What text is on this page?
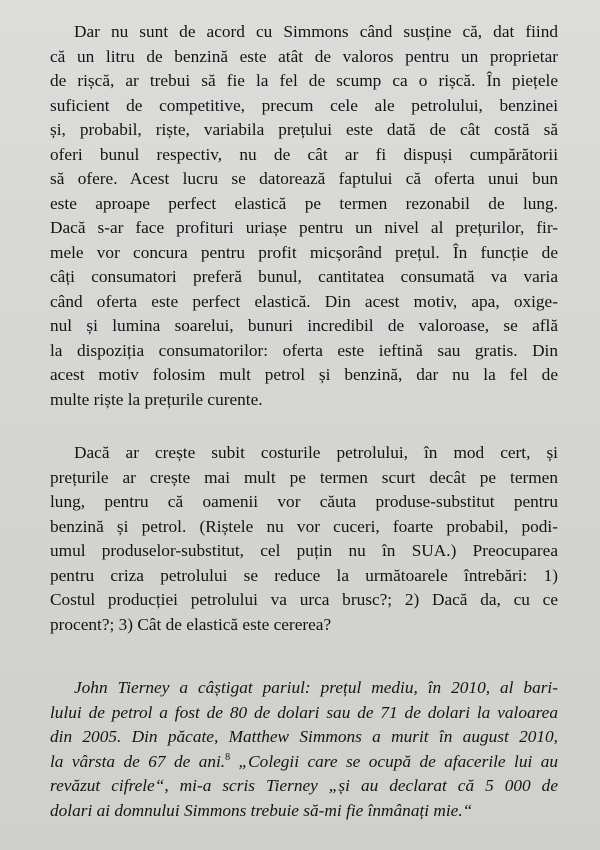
Dar nu sunt de acord cu Simmons când susține că, dat fiind
că un litru de benzină este atât de valoros pentru un proprietar
de rișcă, ar trebui să fie la fel de scump ca o rișcă. În piețele
suficient de competitive, precum cele ale petrolului, benzinei
și, probabil, riște, variabila prețului este dată de cât costă să
oferi bunul respectiv, nu de cât ar fi dispuși cumpărătorii
să ofere. Acest lucru se datorează faptului că oferta unui bun
este aproape perfect elastică pe termen rezonabil de lung.
Dacă s-ar face profituri uriașe pentru un nivel al prețurilor, fir-
mele vor concura pentru profit micșorând prețul. În funcție de
câți consumatori preferă bunul, cantitatea consumată va varia
când oferta este perfect elastică. Din acest motiv, apa, oxige-
nul și lumina soarelui, bunuri incredibil de valoroase, se află
la dispoziția consumatorilor: oferta este ieftină sau gratis. Din
acest motiv folosim mult petrol și benzină, dar nu la fel de
multe riște la prețurile curente.
Dacă ar crește subit costurile petrolului, în mod cert, și
prețurile ar crește mai mult pe termen scurt decât pe termen
lung, pentru că oamenii vor căuta produse-substitut pentru
benzină și petrol. (Riștele nu vor cuceri, foarte probabil, podi-
umul produselor-substitut, cel puțin nu în SUA.) Preocuparea
pentru criza petrolului se reduce la următoarele întrebări: 1)
Costul producției petrolului va urca brusc?; 2) Dacă da, cu ce
procent?; 3) Cât de elastică este cererea?
John Tierney a câștigat pariul: prețul mediu, în 2010, al bari-
lului de petrol a fost de 80 de dolari sau de 71 de dolari la valoarea
din 2005. Din păcate, Matthew Simmons a murit în august 2010,
la vârsta de 67 de ani.$^8$ „Colegii care se ocupă de afacerile lui au
revăzut cifrele“, mi-a scris Tierney „și au declarat că 5 000 de
dolari ai domnului Simmons trebuie să-mi fie înmânați mie.“
